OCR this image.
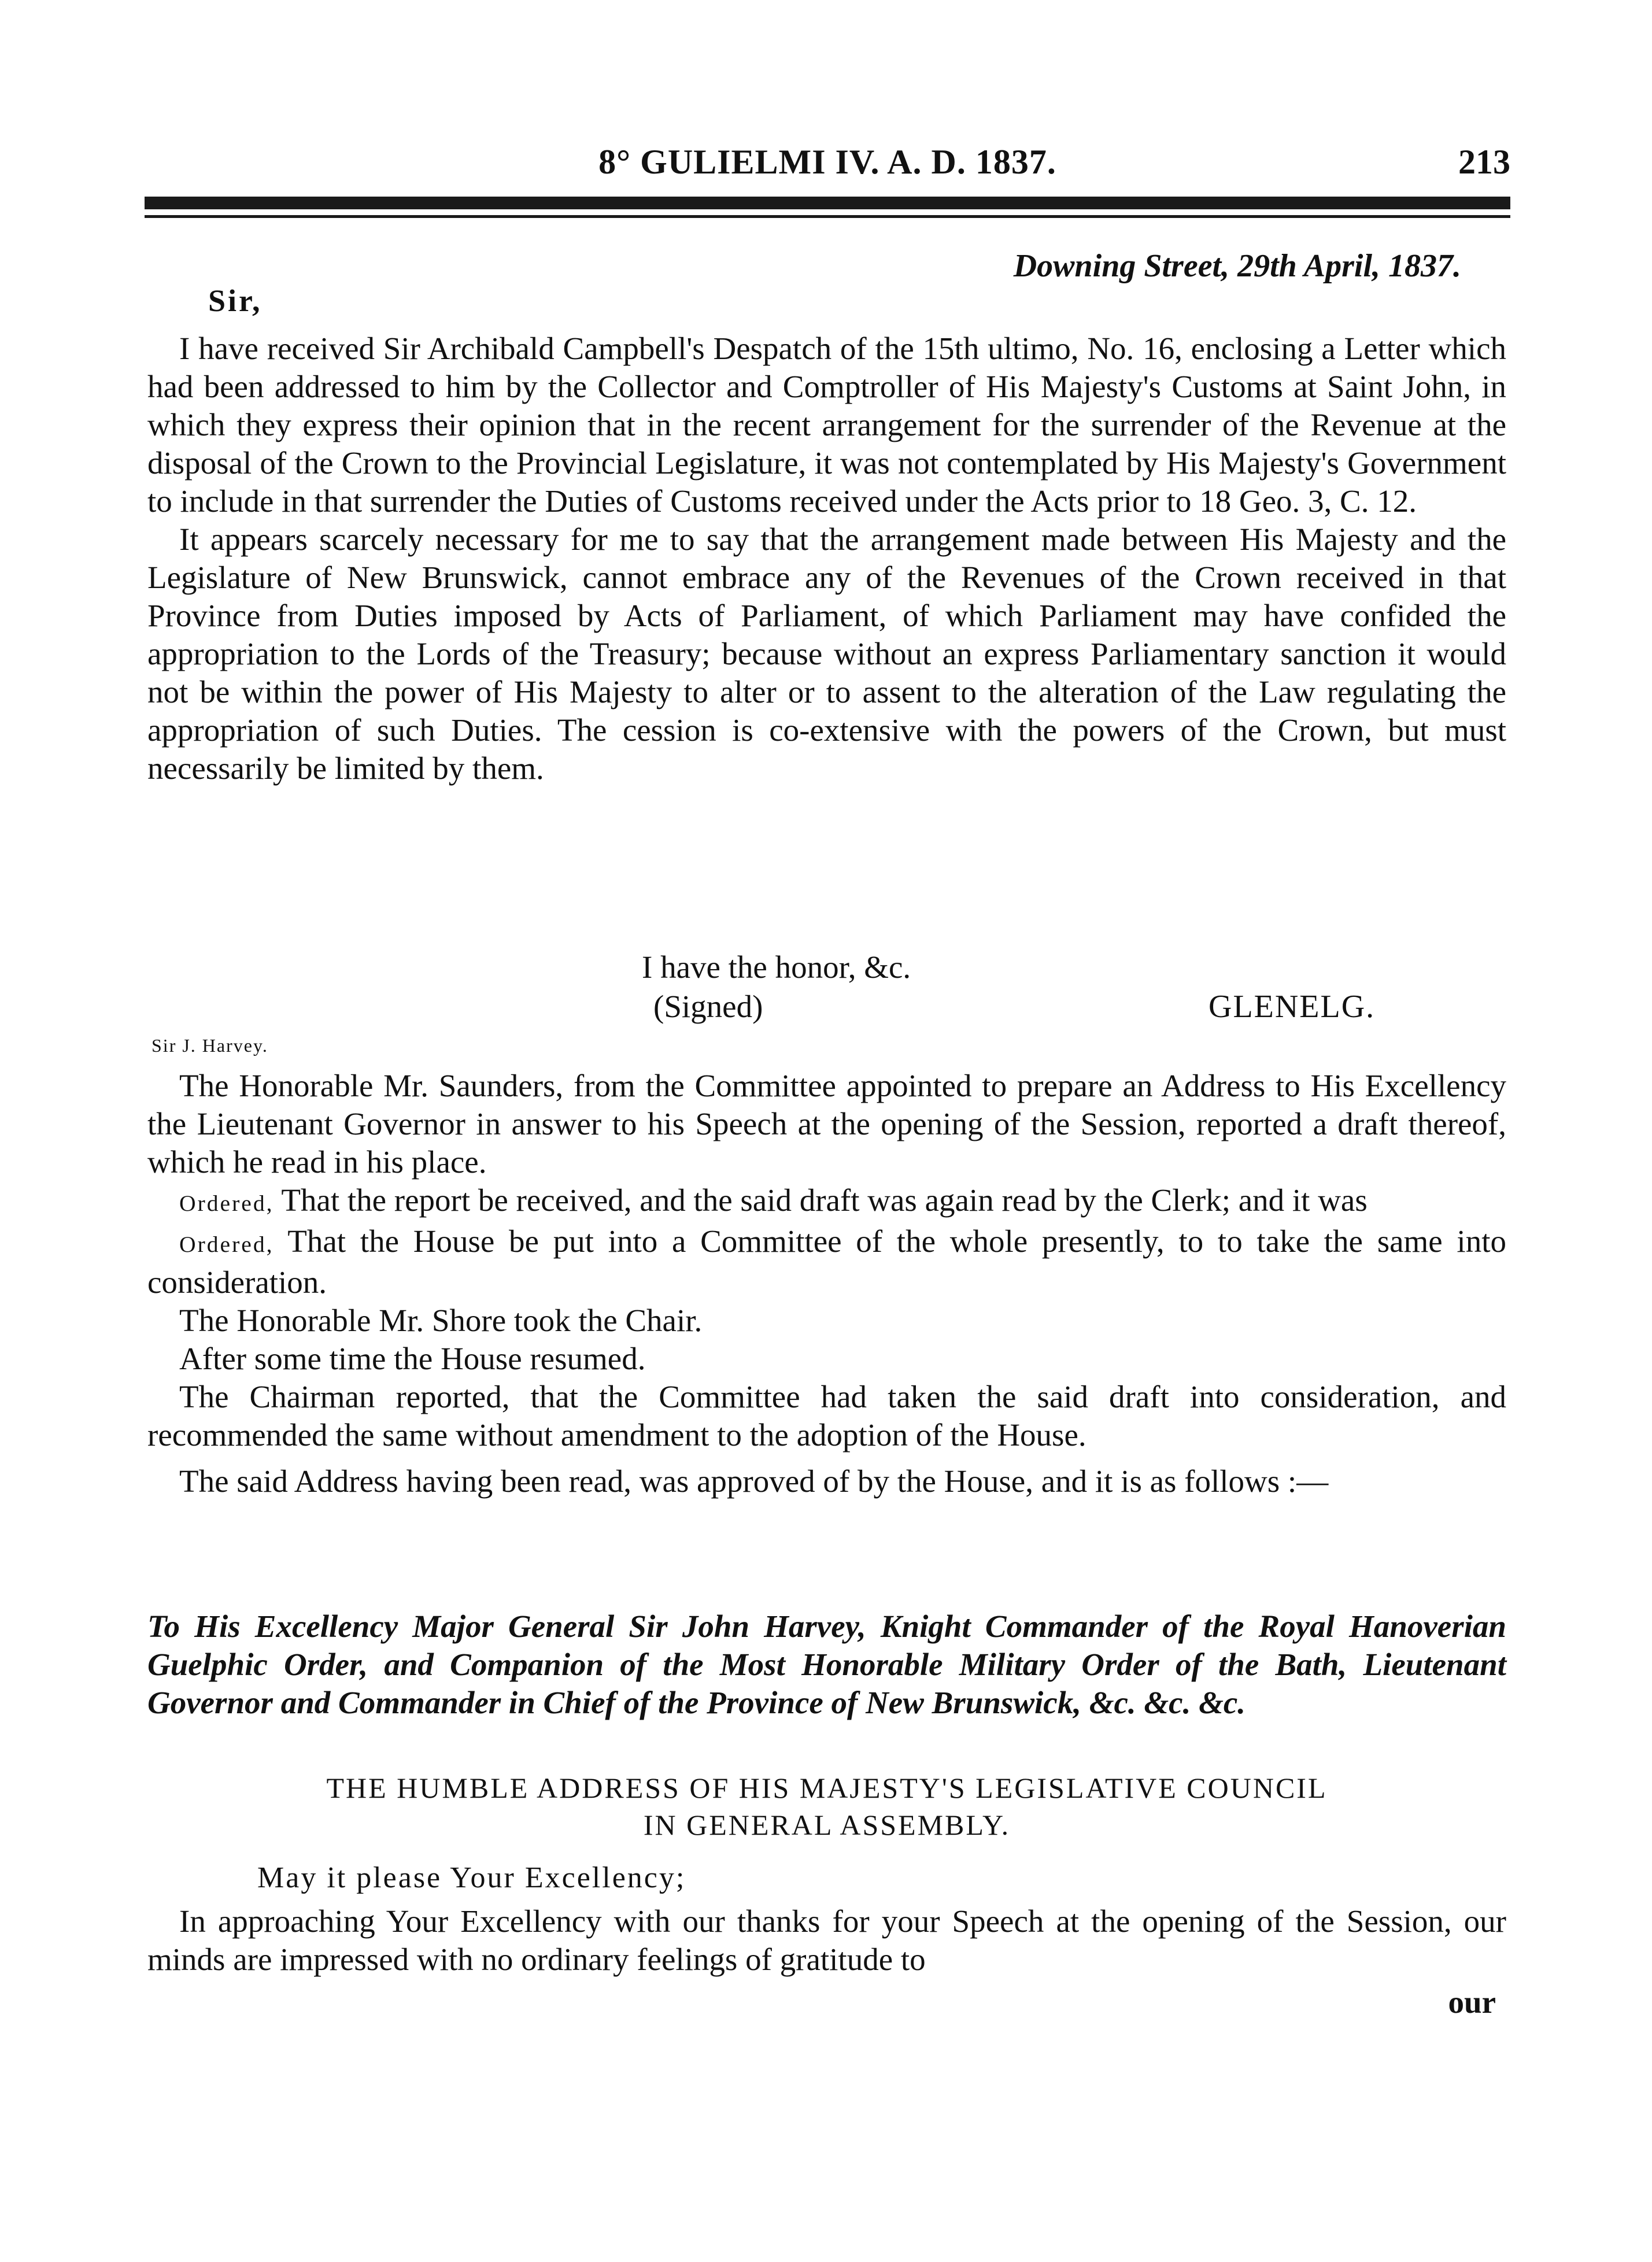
8° GULIELMI IV. A. D. 1837.	213
Downing Street, 29th April, 1837.
Sir,

I have received Sir Archibald Campbell's Despatch of the 15th ultimo, No. 16, enclosing a Letter which had been addressed to him by the Collector and Comptroller of His Majesty's Customs at Saint John, in which they express their opinion that in the recent arrangement for the surrender of the Revenue at the disposal of the Crown to the Provincial Legislature, it was not contemplated by His Majesty's Government to include in that surrender the Duties of Customs received under the Acts prior to 18 Geo. 3, C. 12.

It appears scarcely necessary for me to say that the arrangement made between His Majesty and the Legislature of New Brunswick, cannot embrace any of the Revenues of the Crown received in that Province from Duties imposed by Acts of Parliament, of which Parliament may have confided the appropriation to the Lords of the Treasury; because without an express Parliamentary sanction it would not be within the power of His Majesty to alter or to assent to the alteration of the Law regulating the appropriation of such Duties. The cession is co-extensive with the powers of the Crown, but must necessarily be limited by them.

I have the honor, &c.
(Signed)	GLENELG.
Sir J. Harvey.

The Honorable Mr. Saunders, from the Committee appointed to prepare an Address to His Excellency the Lieutenant Governor in answer to his Speech at the opening of the Session, reported a draft thereof, which he read in his place.

Ordered, That the report be received, and the said draft was again read by the Clerk; and it was

Ordered, That the House be put into a Committee of the whole presently, to to take the same into consideration.

The Honorable Mr. Shore took the Chair.

After some time the House resumed.

The Chairman reported, that the Committee had taken the said draft into consideration, and recommended the same without amendment to the adoption of the House.

The said Address having been read, was approved of by the House, and it is as follows :—

To His Excellency Major General Sir John Harvey, Knight Commander of the Royal Hanoverian Guelphic Order, and Companion of the Most Honorable Military Order of the Bath, Lieutenant Governor and Commander in Chief of the Province of New Brunswick, &c. &c. &c.
THE HUMBLE ADDRESS OF HIS MAJESTY'S LEGISLATIVE COUNCIL
IN GENERAL ASSEMBLY.
May it please Your Excellency;

In approaching Your Excellency with our thanks for your Speech at the opening of the Session, our minds are impressed with no ordinary feelings of gratitude to

our
